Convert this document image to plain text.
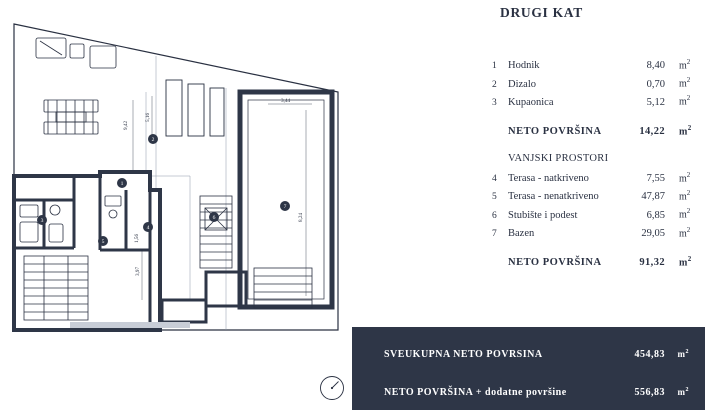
9,42
5,16
3,44
8,24
3,97
1,56
1
2
3
4
5
6
7
DRUGI KAT
1	Hodnik	8,40	$m^2$
2	Dizalo	0,70	$m^2$
3	Kupaonica	5,12	$m^2$
NETO POVRŠINA	14,22	$m^2$
VANJSKI PROSTORI
4	Terasa - natkriveno	7,55	$m^2$
5	Terasa - nenatkriveno	47,87	$m^2$
6	Stubište i podest	6,85	$m^2$
7	Bazen	29,05	$m^2$
NETO POVRŠINA	91,32	$m^2$
SVEUKUPNA NETO POVRSINA	454,83	$m^2$
NETO POVRŠINA + dodatne površine	556,83	$m^2$
